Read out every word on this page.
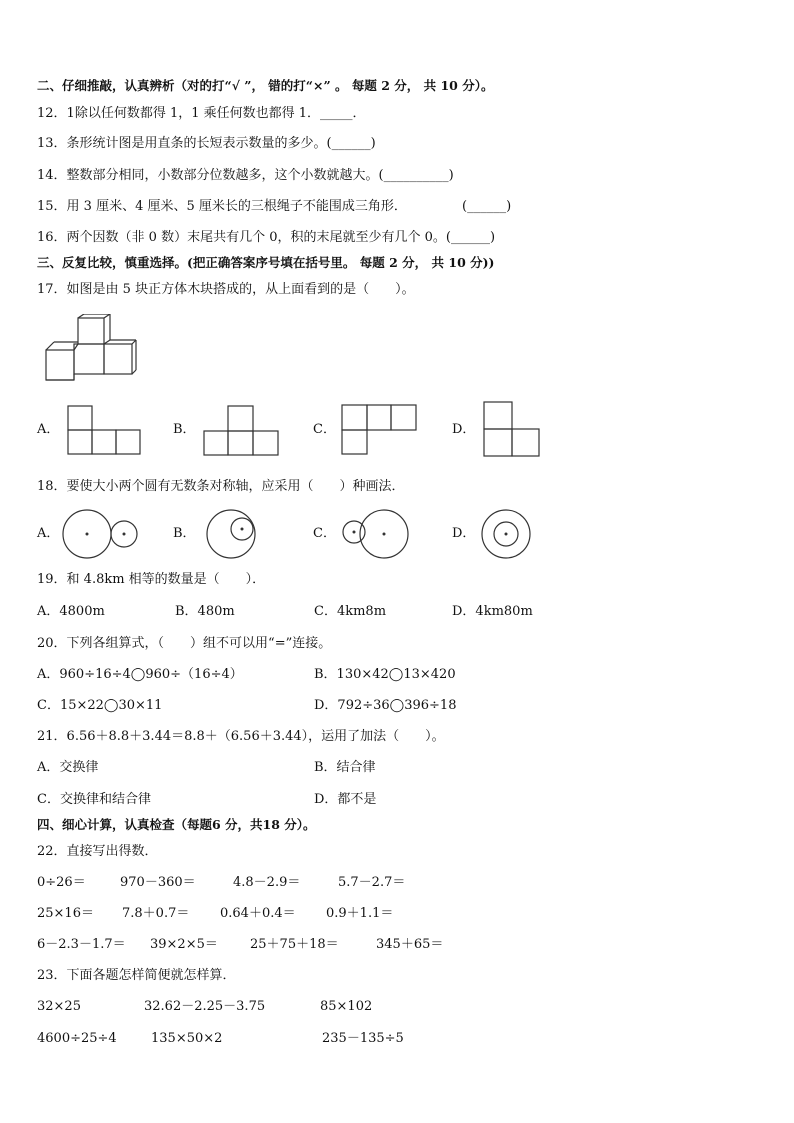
二、仔细推敲，认真辨析（对的打“√ ”， 错的打“×” 。 每题 2 分， 共 10 分）。
12．1除以任何数都得 1，1 乘任何数也都得 1．_____．
13．条形统计图是用直条的长短表示数量的多少。(______)
14．整数部分相同，小数部分位数越多，这个小数就越大。(__________)
15．用 3 厘米、4 厘米、5 厘米长的三根绳子不能围成三角形．	(______)
16．两个因数（非 0 数）末尾共有几个 0，积的末尾就至少有几个 0。(______)
三、反复比较，慎重选择。(把正确答案序号填在括号里。 每题 2 分， 共 10 分))
17．如图是由 5 块正方体木块搭成的，从上面看到的是（　　）。
A．	B．	C．	D．
18．要使大小两个圆有无数条对称轴，应采用（　　）种画法．
A．	B．	C．	D．
19．和 4.8km 相等的数量是（　　）．
A．4800m	B．480m	C．4km8m	D．4km80m
20．下列各组算式，（　　）组不可以用“=”连接。
A．960÷16÷4◯960÷（16÷4）	B．130×42◯13×420
C．15×22◯30×11	D．792÷36◯396÷18
21．6.56＋8.8＋3.44＝8.8＋（6.56＋3.44），运用了加法（　　）。
A．交换律	B．结合律
C．交换律和结合律	D．都不是
四、细心计算，认真检查（每题6 分，共18 分）。
22．直接写出得数．
0÷26＝	970－360＝	4.8－2.9＝	5.7－2.7＝
25×16＝ 7.8＋0.7＝ 0.64＋0.4＝ 0.9＋1.1＝
6－2.3－1.7＝ 39×2×5＝ 25＋75＋18＝	345＋65＝
23．下面各题怎样简便就怎样算．
32×25	32.62－2.25－3.75	85×102
4600÷25÷4	135×50×2	235－135÷5
